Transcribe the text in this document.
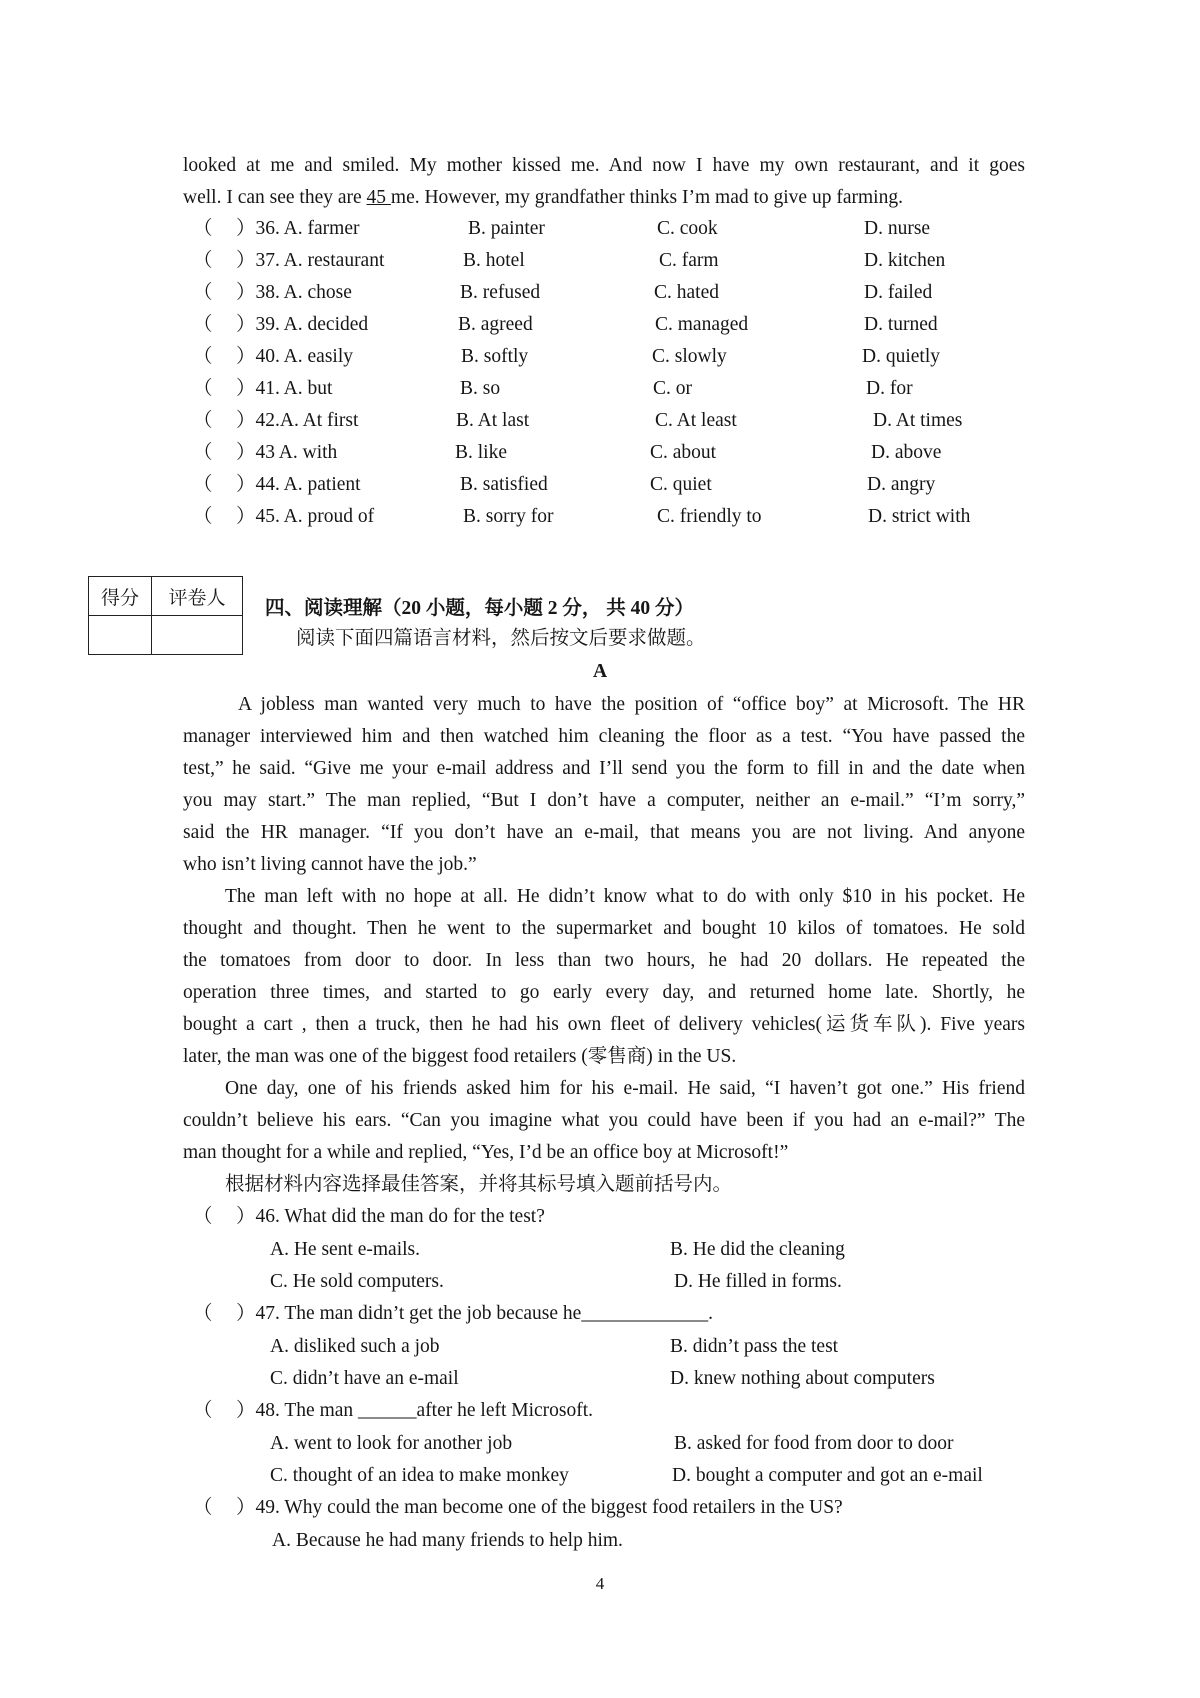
looked at me and smiled. My mother kissed me. And now I have my own restaurant, and it goes
well. I can see they are 45 me. However, my grandfather thinks I’m mad to give up farming.
（ ）36. A. farmer	B. painter	C. cook	D. nurse
（ ）37. A. restaurant	B. hotel	C. farm	D. kitchen
（ ）38. A. chose	B. refused	C. hated	D. failed
（ ）39. A. decided	B. agreed	C. managed	D. turned
（ ）40. A. easily	B. softly	C. slowly	D. quietly
（ ）41. A. but	B. so	C. or	D. for
（ ）42.A. At first	B. At last	C. At least	D. At times
（ ）43 A. with	B. like	C. about	D. above
（ ）44. A. patient	B. satisfied	C. quiet	D. angry
（ ）45. A. proud of	B. sorry for	C. friendly to	D. strict with
得分	评卷人
	四、阅读理解（20 小题，每小题 2 分， 共 40 分）
阅读下面四篇语言材料，然后按文后要求做题。
A
A jobless man wanted very much to have the position of “office boy” at Microsoft. The HR
manager interviewed him and then watched him cleaning the floor as a test. “You have passed the
test,” he said. “Give me your e-mail address and I’ll send you the form to fill in and the date when
you may start.” The man replied, “But I don’t have a computer, neither an e-mail.” “I’m sorry,”
said the HR manager. “If you don’t have an e-mail, that means you are not living. And anyone
who isn’t living cannot have the job.”
The man left with no hope at all. He didn’t know what to do with only $10 in his pocket. He
thought and thought. Then he went to the supermarket and bought 10 kilos of tomatoes. He sold
the tomatoes from door to door. In less than two hours, he had 20 dollars. He repeated the
operation three times, and started to go early every day, and returned home late. Shortly, he
bought a cart , then a truck, then he had his own fleet of delivery vehicles(运货车队). Five years
later, the man was one of the biggest food retailers (零售商) in the US.
One day, one of his friends asked him for his e-mail. He said, “I haven’t got one.” His friend
couldn’t believe his ears. “Can you imagine what you could have been if you had an e-mail?” The
man thought for a while and replied, “Yes, I’d be an office boy at Microsoft!”
根据材料内容选择最佳答案，并将其标号填入题前括号内。
（ ）46. What did the man do for the test?
A. He sent e-mails.	B. He did the cleaning
C. He sold computers.	D. He filled in forms.
（ ）47. The man didn’t get the job because he_____________.
A. disliked such a job	B. didn’t pass the test
C. didn’t have an e-mail	D. knew nothing about computers
（ ）48. The man ______after he left Microsoft.
A. went to look for another job	B. asked for food from door to door
C. thought of an idea to make monkey	D. bought a computer and got an e-mail
（ ）49. Why could the man become one of the biggest food retailers in the US?
A. Because he had many friends to help him.
4
